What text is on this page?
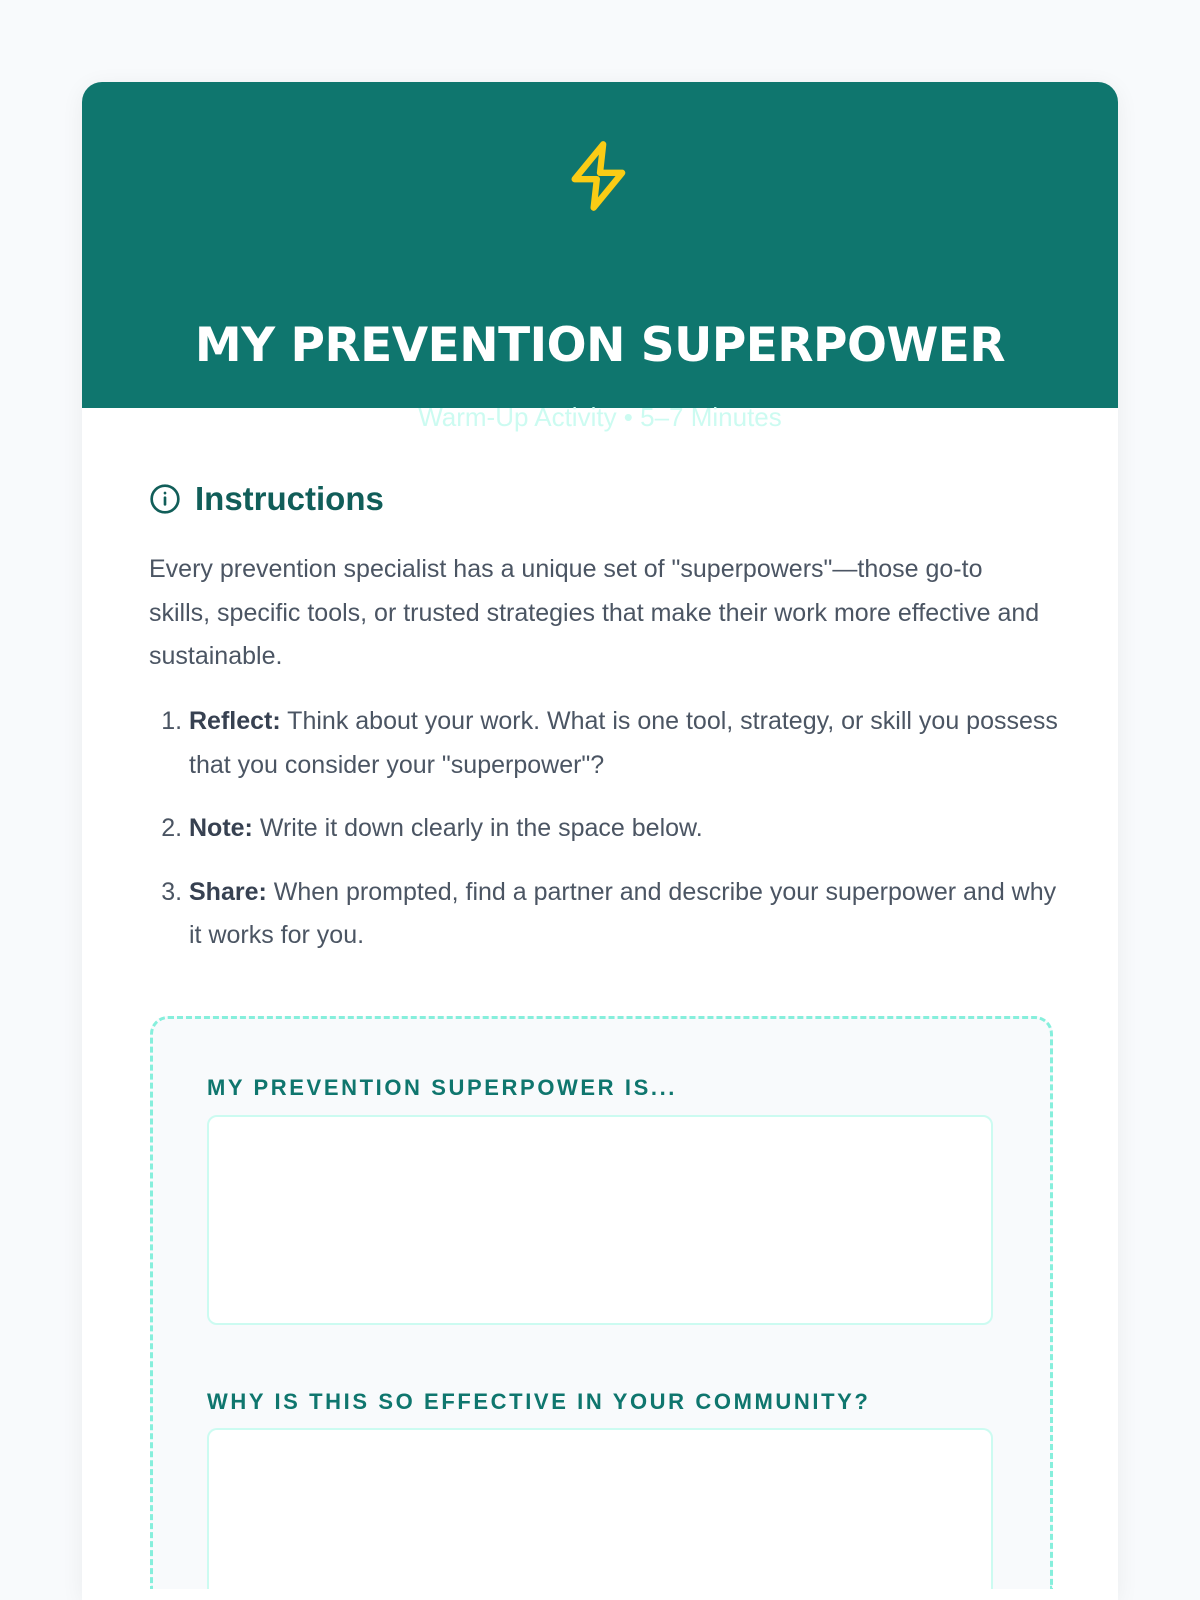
MY PREVENTION SUPERPOWER
Warm-Up Activity • 5–7 Minutes
Instructions

Every prevention specialist has a unique set of "superpowers"—those go-to skills, specific tools, or trusted strategies that make their work more effective and sustainable.

1. Reflect: Think about your work. What is one tool, strategy, or skill you possess that you consider your "superpower"?
2. Note: Write it down clearly in the space below.
3. Share: When prompted, find a partner and describe your superpower and why it works for you.
MY PREVENTION SUPERPOWER IS...
WHY IS THIS SO EFFECTIVE IN YOUR COMMUNITY?
